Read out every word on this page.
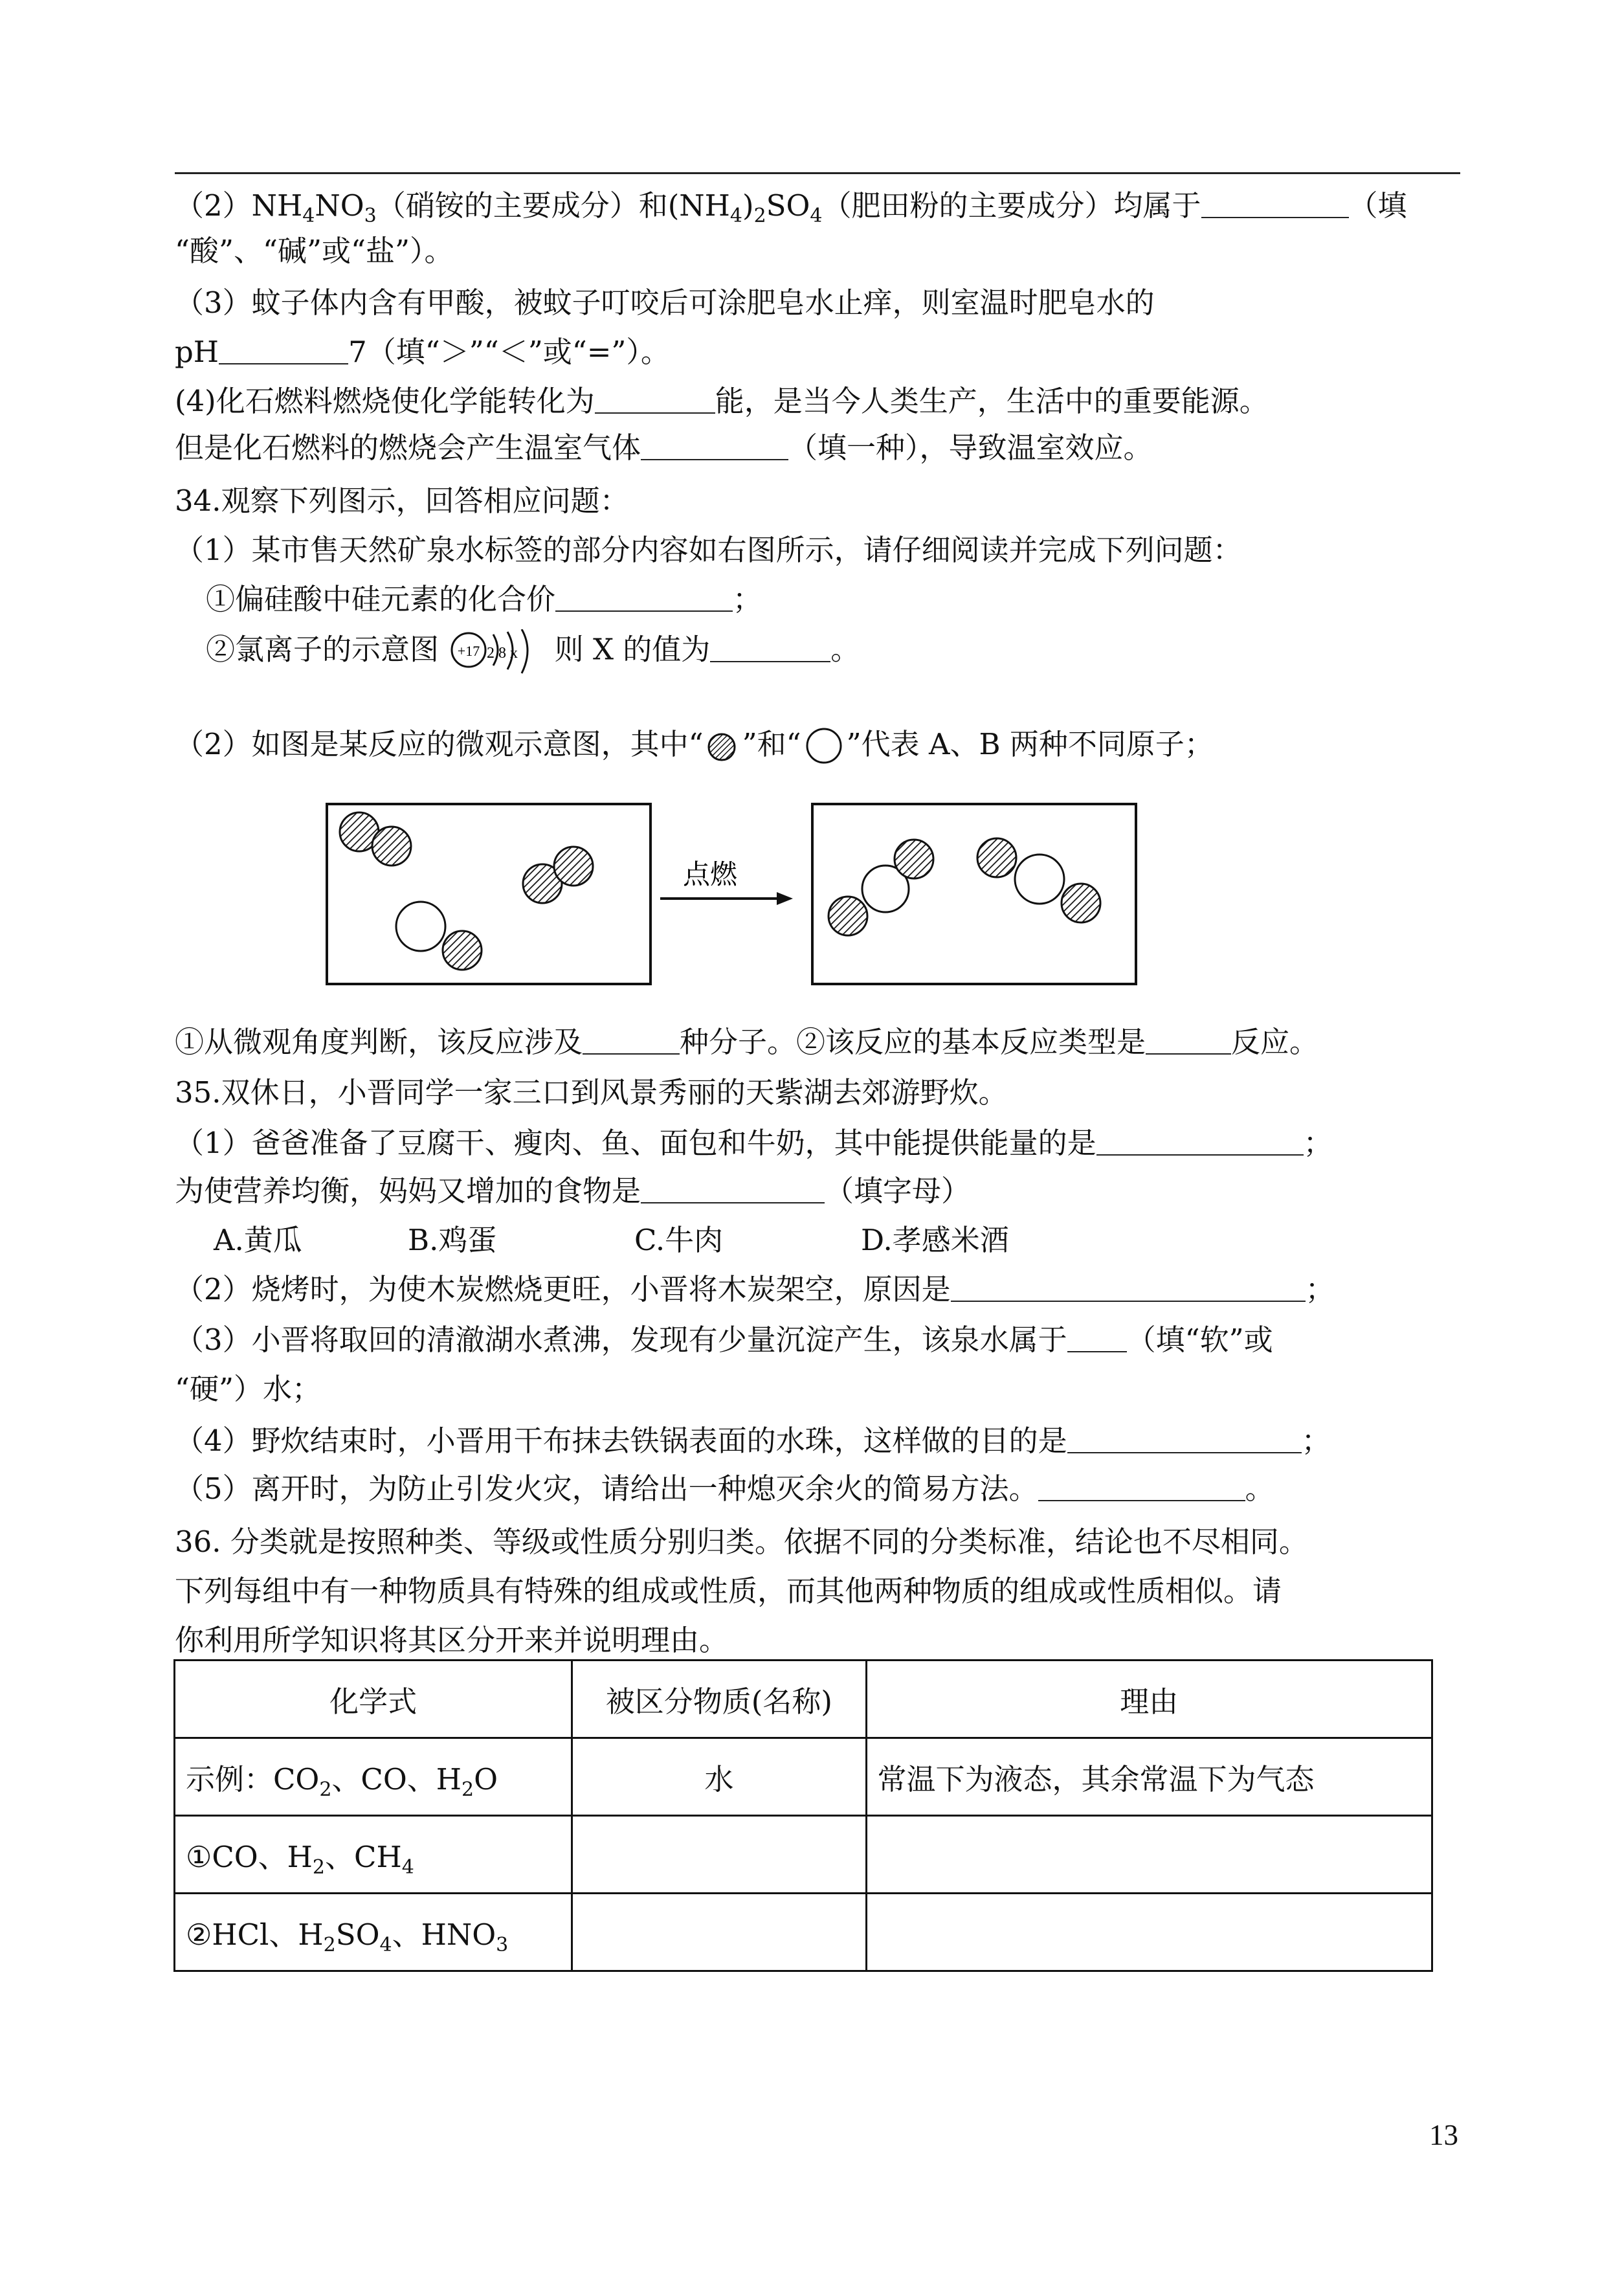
$(2)NH_4NO_3$（硝铵的主要成分）和$(NH_4)_2SO_4$（肥田粉的主要成分）均属于	（填
“酸”、“碱”或“盐”）。
（3）蚊子体内含有甲酸，被蚊子叮咬后可涂肥皂水止痒，则室温时肥皂水的
pH	7（填“＞”“＜”或“=”）。
(4)化石燃料燃烧使化学能转化为	能，是当今人类生产，生活中的重要能源。
但是化石燃料的燃烧会产生温室气体	（填一种），导致温室效应。
34.观察下列图示，回答相应问题：
（1）某市售天然矿泉水标签的部分内容如右图所示，请仔细阅读并完成下列问题：
①偏硅酸中硅元素的化合价	；
②氯离子的示意图 +17 2 8 x 则 X 的值为	。
（2）如图是某反应的微观示意图，其中“ ”和“ ”代表 A、B 两种不同原子；
点燃
①从微观角度判断，该反应涉及	种分子。②该反应的基本反应类型是	反应。
35.双休日，小晋同学一家三口到风景秀丽的天紫湖去郊游野炊。
（1）爸爸准备了豆腐干、瘦肉、鱼、面包和牛奶，其中能提供能量的是	；
为使营养均衡，妈妈又增加的食物是	（填字母）
A.黄瓜	B.鸡蛋	C.牛肉	D.孝感米酒
（2）烧烤时，为使木炭燃烧更旺，小晋将木炭架空，原因是	；
（3）小晋将取回的清澈湖水煮沸，发现有少量沉淀产生，该泉水属于 （填“软”或
“硬”）水；
（4）野炊结束时，小晋用干布抹去铁锅表面的水珠，这样做的目的是	；
（5）离开时，为防止引发火灾，请给出一种熄灭余火的简易方法。	。
36. 分类就是按照种类、等级或性质分别归类。依据不同的分类标准，结论也不尽相同。
下列每组中有一种物质具有特殊的组成或性质，而其他两种物质的组成或性质相似。请
你利用所学知识将其区分开来并说明理由。
化学式	被区分物质(名称)	理由
示例：$CO_2$、CO、$H_2O$	水	常温下为液态，其余常温下为气态
①CO、$H_2$、$CH_4$		
②HCl、$H_2SO_4$、$HNO_3$		
13
